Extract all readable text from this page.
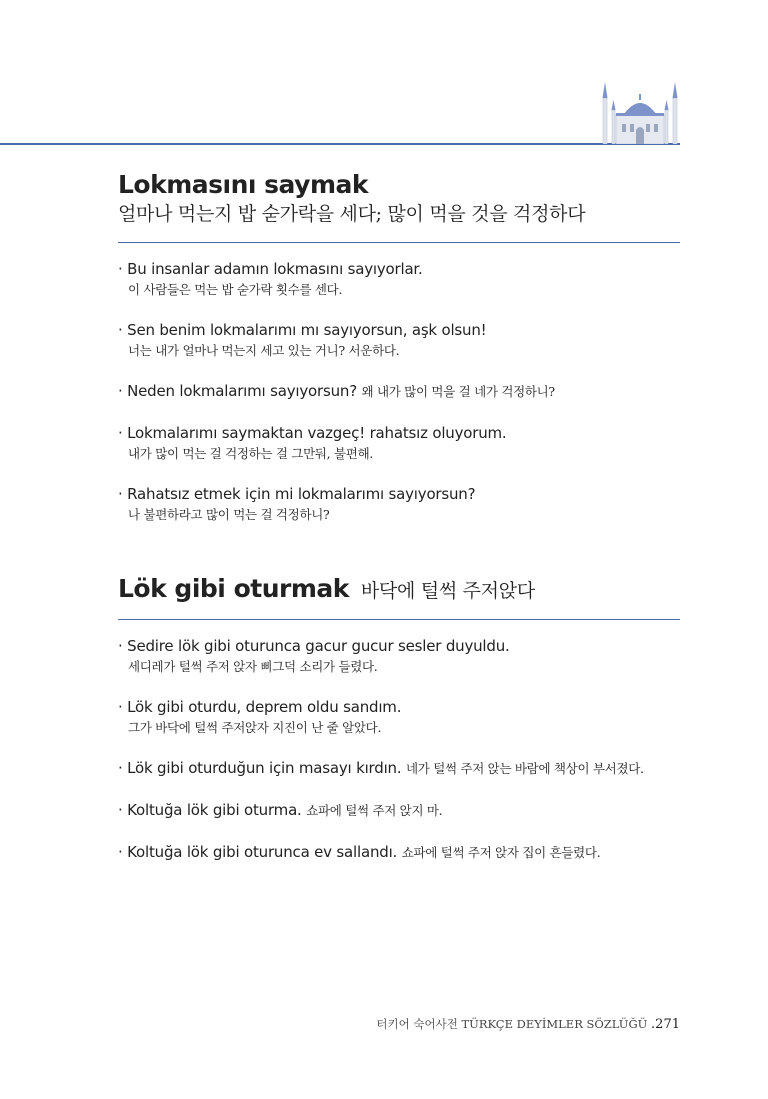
Lokmasını saymak
얼마나 먹는지 밥 숟가락을 세다; 많이 먹을 것을 걱정하다
· Bu insanlar adamın lokmasını sayıyorlar.
이 사람들은 먹는 밥 숟가락 횟수를 센다.
· Sen benim lokmalarımı mı sayıyorsun, aşk olsun!
너는 내가 얼마나 먹는지 세고 있는 거니? 서운하다.
· Neden lokmalarımı sayıyorsun? 왜 내가 많이 먹을 걸 네가 걱정하니?
· Lokmalarımı saymaktan vazgeç! rahatsız oluyorum.
내가 많이 먹는 걸 걱정하는 걸 그만둬, 불편해.
· Rahatsız etmek için mi lokmalarımı sayıyorsun?
나 불편하라고 많이 먹는 걸 걱정하니?
Lök gibi oturmak 바닥에 털썩 주저앉다
· Sedire lök gibi oturunca gacur gucur sesler duyuldu.
세디레가 털썩 주저 앉자 삐그덕 소리가 들렸다.
· Lök gibi oturdu, deprem oldu sandım.
그가 바닥에 털썩 주저앉자 지진이 난 줄 알았다.
· Lök gibi oturduğun için masayı kırdın. 네가 털썩 주저 앉는 바람에 책상이 부서졌다.
· Koltuğa lök gibi oturma. 쇼파에 털썩 주저 앉지 마.
· Koltuğa lök gibi oturunca ev sallandı. 쇼파에 털썩 주저 앉자 집이 흔들렸다.
터키어 숙어사전 TÜRKÇE DEYİMLER SÖZLÜĞÜ .271
